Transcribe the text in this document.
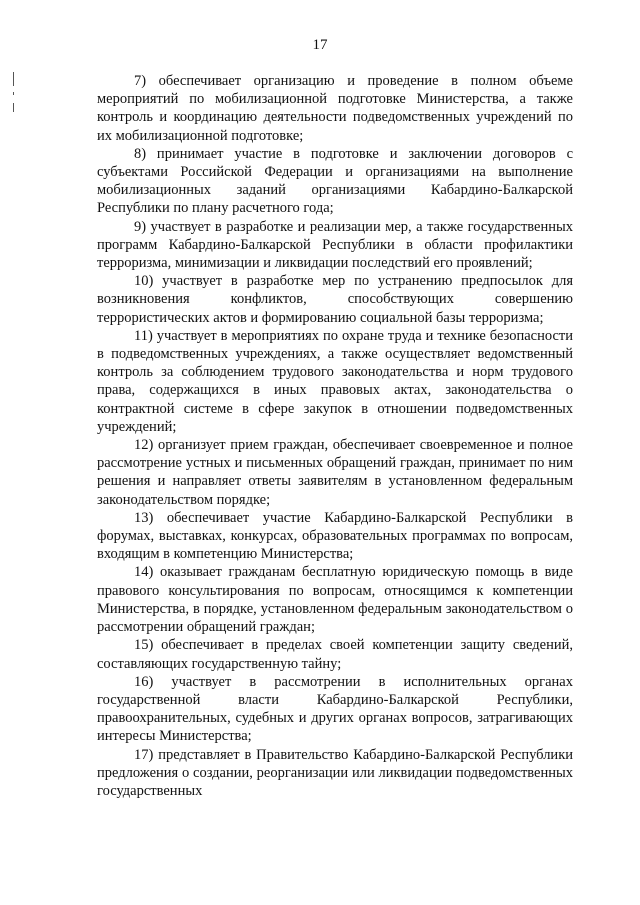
17

7) обеспечивает организацию и проведение в полном объеме мероприятий по мобилизационной подготовке Министерства, а также контроль и координацию деятельности подведомственных учреждений по их мобилизационной подготовке;

8) принимает участие в подготовке и заключении договоров с субъектами Российской Федерации и организациями на выполнение мобилизационных заданий организациями Кабардино-Балкарской Республики по плану расчетного года;

9) участвует в разработке и реализации мер, а также государственных программ Кабардино-Балкарской Республики в области профилактики терроризма, минимизации и ликвидации последствий его проявлений;

10) участвует в разработке мер по устранению предпосылок для возникновения конфликтов, способствующих совершению террористических актов и формированию социальной базы терроризма;

11) участвует в мероприятиях по охране труда и технике безопасности в подведомственных учреждениях, а также осуществляет ведомственный контроль за соблюдением трудового законодательства и норм трудового права, содержащихся в иных правовых актах, законодательства о контрактной системе в сфере закупок в отношении подведомственных учреждений;

12) организует прием граждан, обеспечивает своевременное и полное рассмотрение устных и письменных обращений граждан, принимает по ним решения и направляет ответы заявителям в установленном федеральным законодательством порядке;

13) обеспечивает участие Кабардино-Балкарской Республики в форумах, выставках, конкурсах, образовательных программах по вопросам, входящим в компетенцию Министерства;

14) оказывает гражданам бесплатную юридическую помощь в виде правового консультирования по вопросам, относящимся к компетенции Министерства, в порядке, установленном федеральным законодательством о рассмотрении обращений граждан;

15) обеспечивает в пределах своей компетенции защиту сведений, составляющих государственную тайну;

16) участвует в рассмотрении в исполнительных органах государственной власти Кабардино-Балкарской Республики, правоохранительных, судебных и других органах вопросов, затрагивающих интересы Министерства;

17) представляет в Правительство Кабардино-Балкарской Республики предложения о создании, реорганизации или ликвидации подведомственных государственных
